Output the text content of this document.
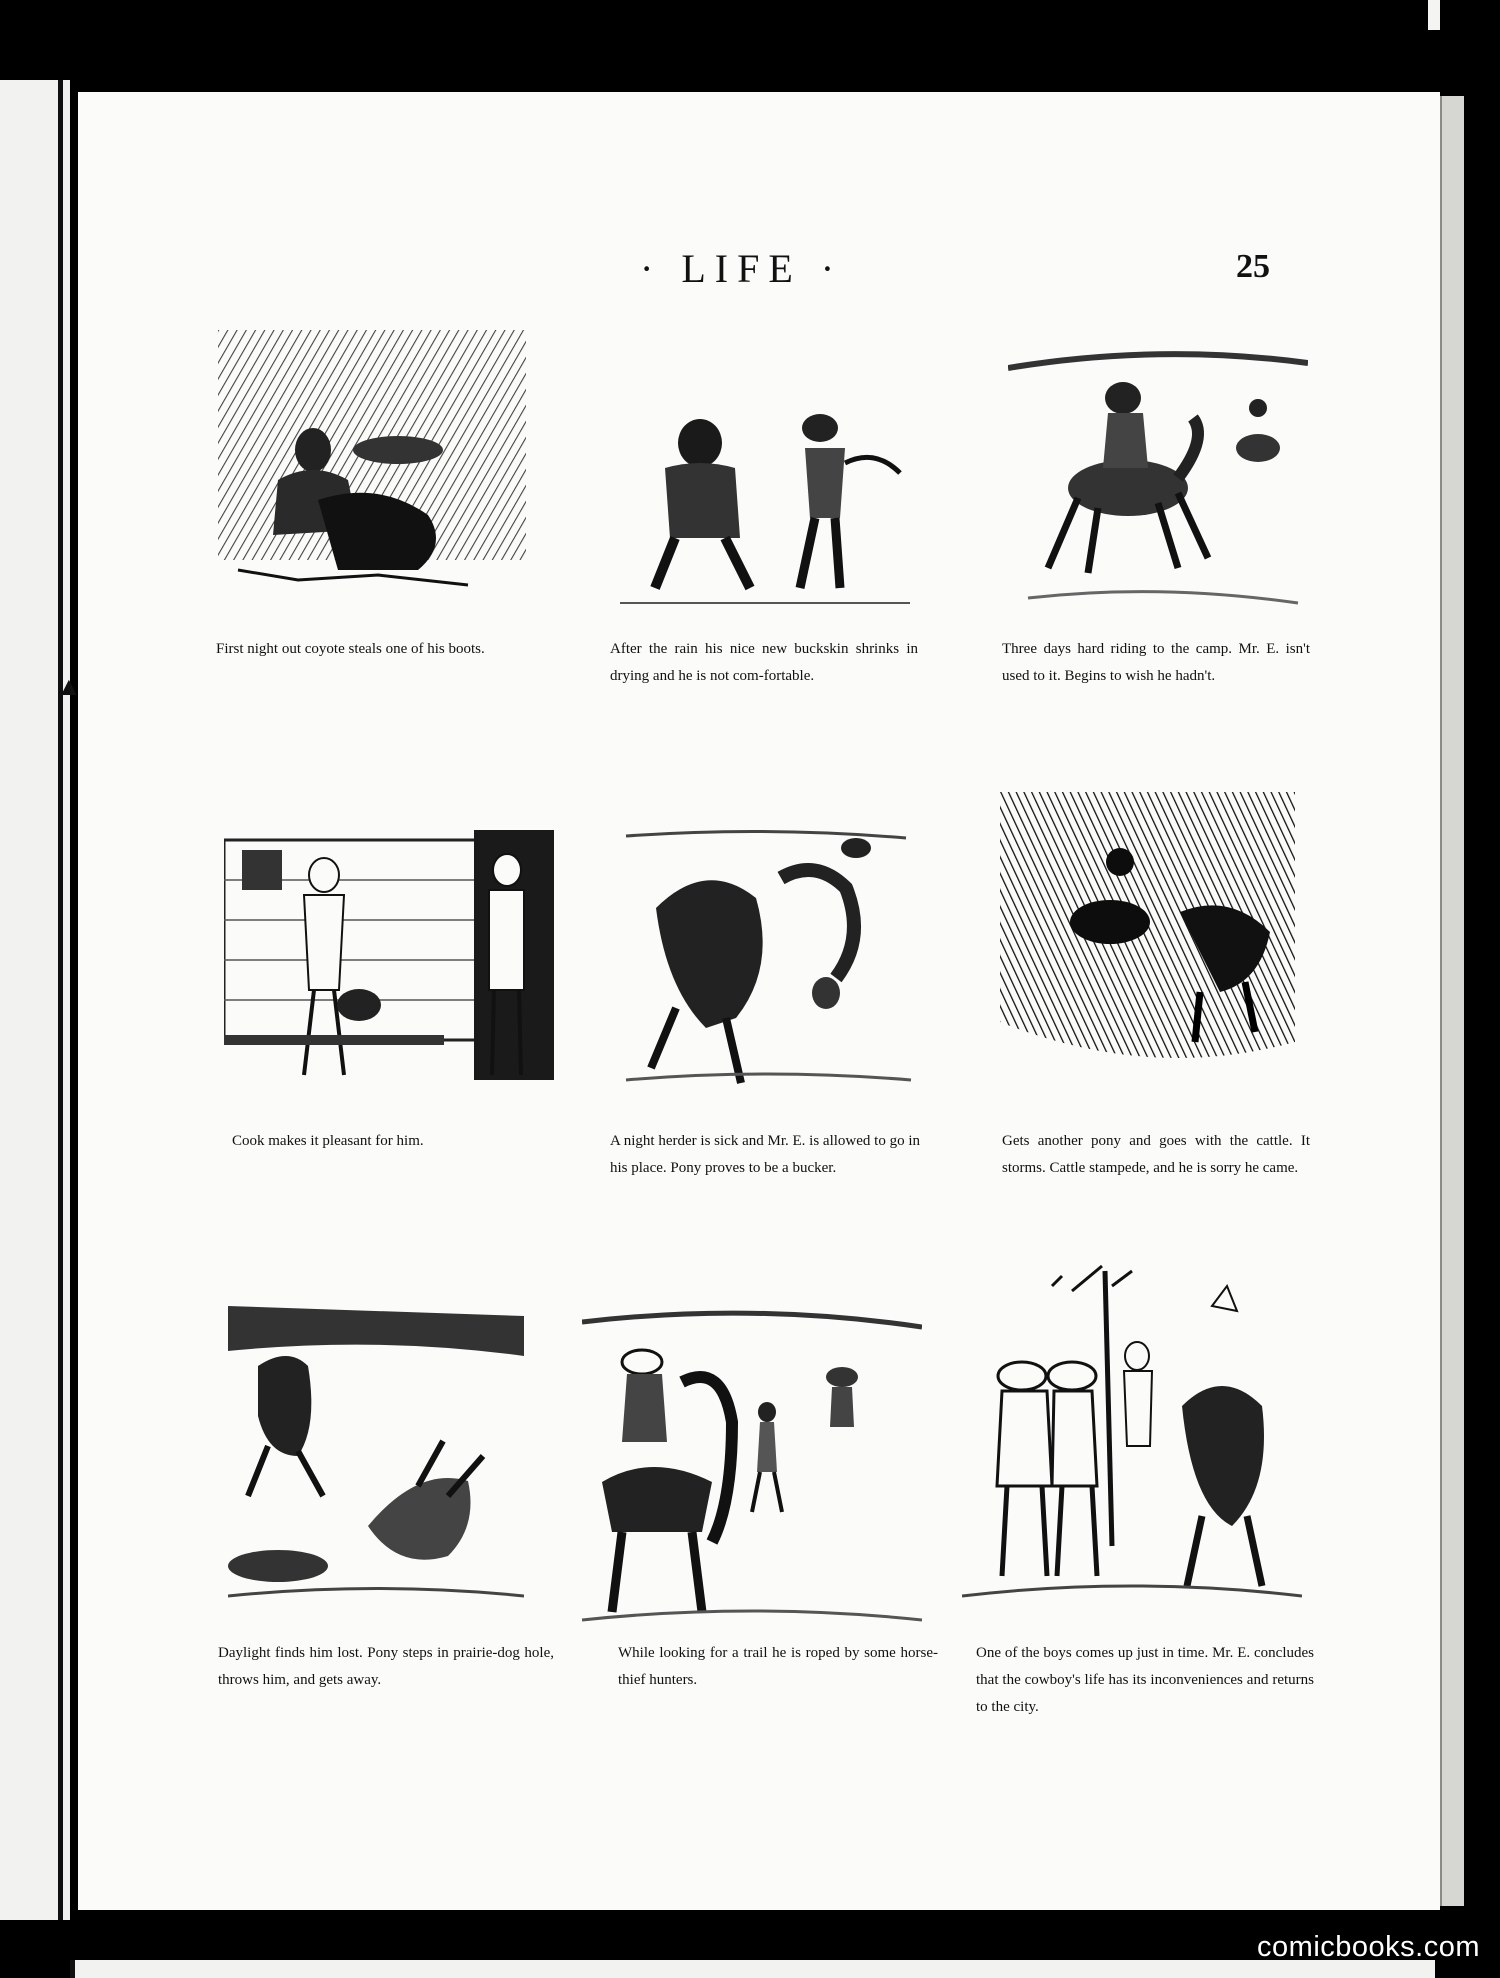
· LIFE ·	25
First night out coyote steals one of his boots.	After the rain his nice new buckskin shrinks in drying and he is not com-fortable.
Three days hard riding to the camp. Mr. E. isn't used to it. Begins to wish he hadn't.
Cook makes it pleasant for him.	A night herder is sick and Mr. E. is allowed to go in his place. Pony proves to be a bucker.
Gets another pony and goes with the cattle. It storms. Cattle stampede, and he is sorry he came.
Daylight finds him lost. Pony steps in prairie-dog hole, throws him, and gets away.
While looking for a trail he is roped by some horse-thief hunters.
One of the boys comes up just in time. Mr. E. concludes that the cowboy's life has its inconveniences and returns to the city.
▲
comicbooks.com
